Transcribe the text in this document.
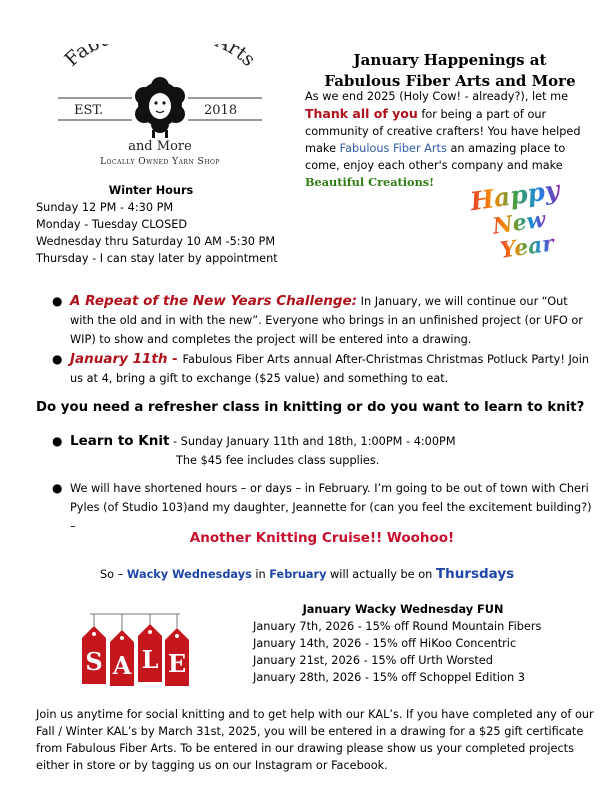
Fab rts
EST.	2018
and More
Locally Owned Yarn Shop
January Happenings at
Fabulous Fiber Arts and More
As we end 2025 (Holy Cow! - already?), let me
Thank all of you for being a part of our community of creative crafters! You have helped make Fabulous Fiber Arts an amazing place to come, enjoy each other's company and make Beautiful Creations!
Winter Hours
Sunday 12 PM - 4:30 PM
Monday - Tuesday CLOSED
Wednesday thru Saturday 10 AM -5:30 PM
Thursday - I can stay later by appointment
Happy
New
Year
● A Repeat of the New Years Challenge: In January, we will continue our “Out with the old and in with the new”. Everyone who brings in an unfinished project (or UFO or WIP) to show and completes the project will be entered into a drawing.
● January 11th - Fabulous Fiber Arts annual After-Christmas Christmas Potluck Party! Join us at 4, bring a gift to exchange ($25 value) and something to eat.
Do you need a refresher class in knitting or do you want to learn to knit?
● Learn to Knit - Sunday January 11th and 18th, 1:00PM - 4:00PM
The $45 fee includes class supplies.
● We will have shortened hours – or days – in February. I’m going to be out of town with Cheri Pyles (of Studio 103)and my daughter, Jeannette for (can you feel the excitement building?) –
Another Knitting Cruise!! Woohoo!
So – Wacky Wednesdays in February will actually be on Thursdays
S A L E
January Wacky Wednesday FUN
January 7th, 2026 - 15% off Round Mountain Fibers
January 14th, 2026 - 15% off HiKoo Concentric
January 21st, 2026 - 15% off Urth Worsted
January 28th, 2026 - 15% off Schoppel Edition 3
Join us anytime for social knitting and to get help with our KAL’s. If you have completed any of our Fall / Winter KAL’s by March 31st, 2025, you will be entered in a drawing for a $25 gift certificate from Fabulous Fiber Arts. To be entered in our drawing please show us your completed projects either in store or by tagging us on our Instagram or Facebook.
